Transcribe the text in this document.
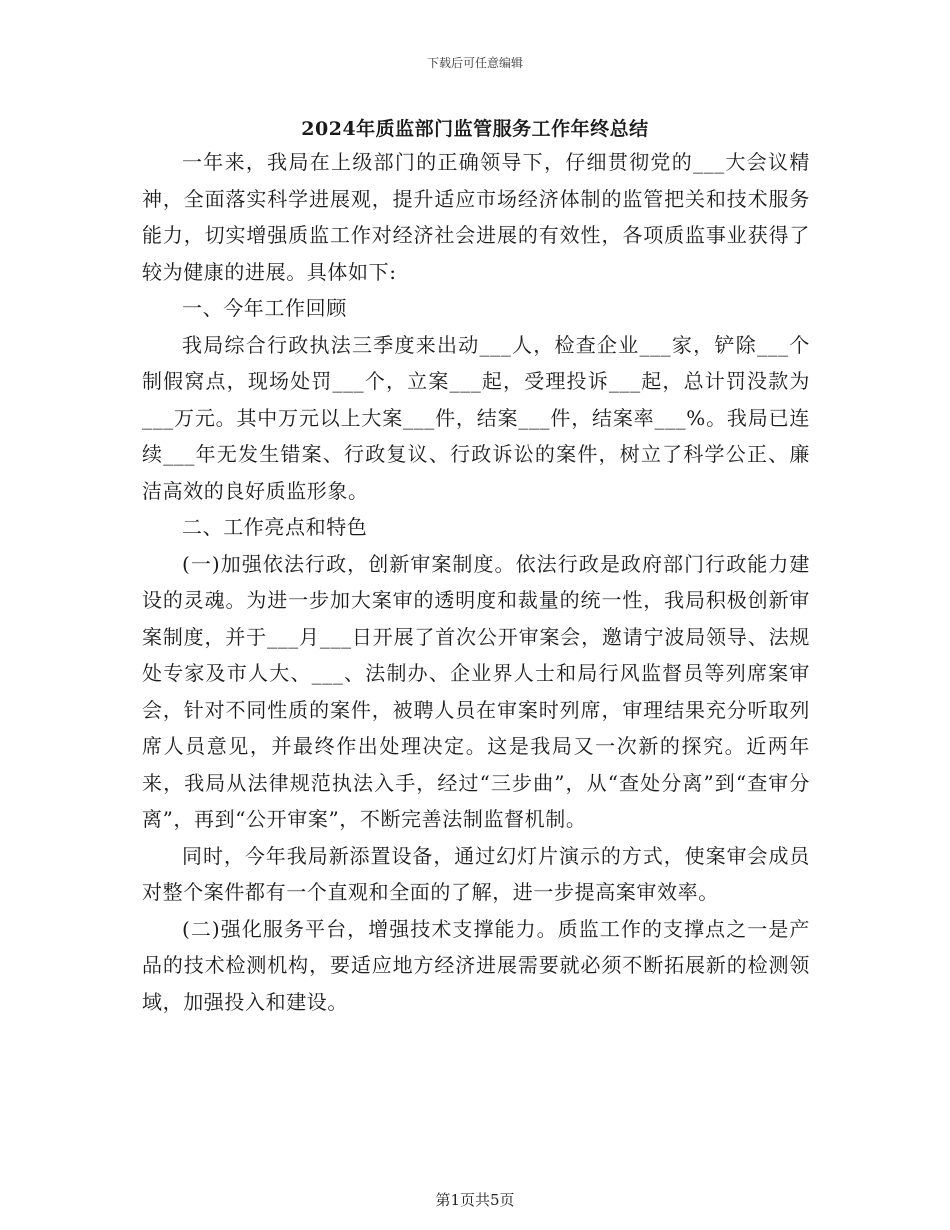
下载后可任意编辑
2024年质监部门监管服务工作年终总结

一年来，我局在上级部门的正确领导下，仔细贯彻党的___大会议精神，全面落实科学进展观，提升适应市场经济体制的监管把关和技术服务能力，切实增强质监工作对经济社会进展的有效性，各项质监事业获得了较为健康的进展。具体如下:

一、今年工作回顾

我局综合行政执法三季度来出动___人，检查企业___家，铲除___个制假窝点，现场处罚___个，立案___起，受理投诉___起，总计罚没款为___万元。其中万元以上大案___件，结案___件，结案率___%。我局已连续___年无发生错案、行政复议、行政诉讼的案件，树立了科学公正、廉洁高效的良好质监形象。

二、工作亮点和特色

(一)加强依法行政，创新审案制度。依法行政是政府部门行政能力建设的灵魂。为进一步加大案审的透明度和裁量的统一性，我局积极创新审案制度，并于___月___日开展了首次公开审案会，邀请宁波局领导、法规处专家及市人大、___、法制办、企业界人士和局行风监督员等列席案审会，针对不同性质的案件，被聘人员在审案时列席，审理结果充分听取列席人员意见，并最终作出处理决定。这是我局又一次新的探究。近两年来，我局从法律规范执法入手，经过“三步曲”，从“查处分离”到“查审分离”，再到“公开审案”，不断完善法制监督机制。

同时，今年我局新添置设备，通过幻灯片演示的方式，使案审会成员对整个案件都有一个直观和全面的了解，进一步提高案审效率。

(二)强化服务平台，增强技术支撑能力。质监工作的支撑点之一是产品的技术检测机构，要适应地方经济进展需要就必须不断拓展新的检测领域，加强投入和建设。

第1页共5页
